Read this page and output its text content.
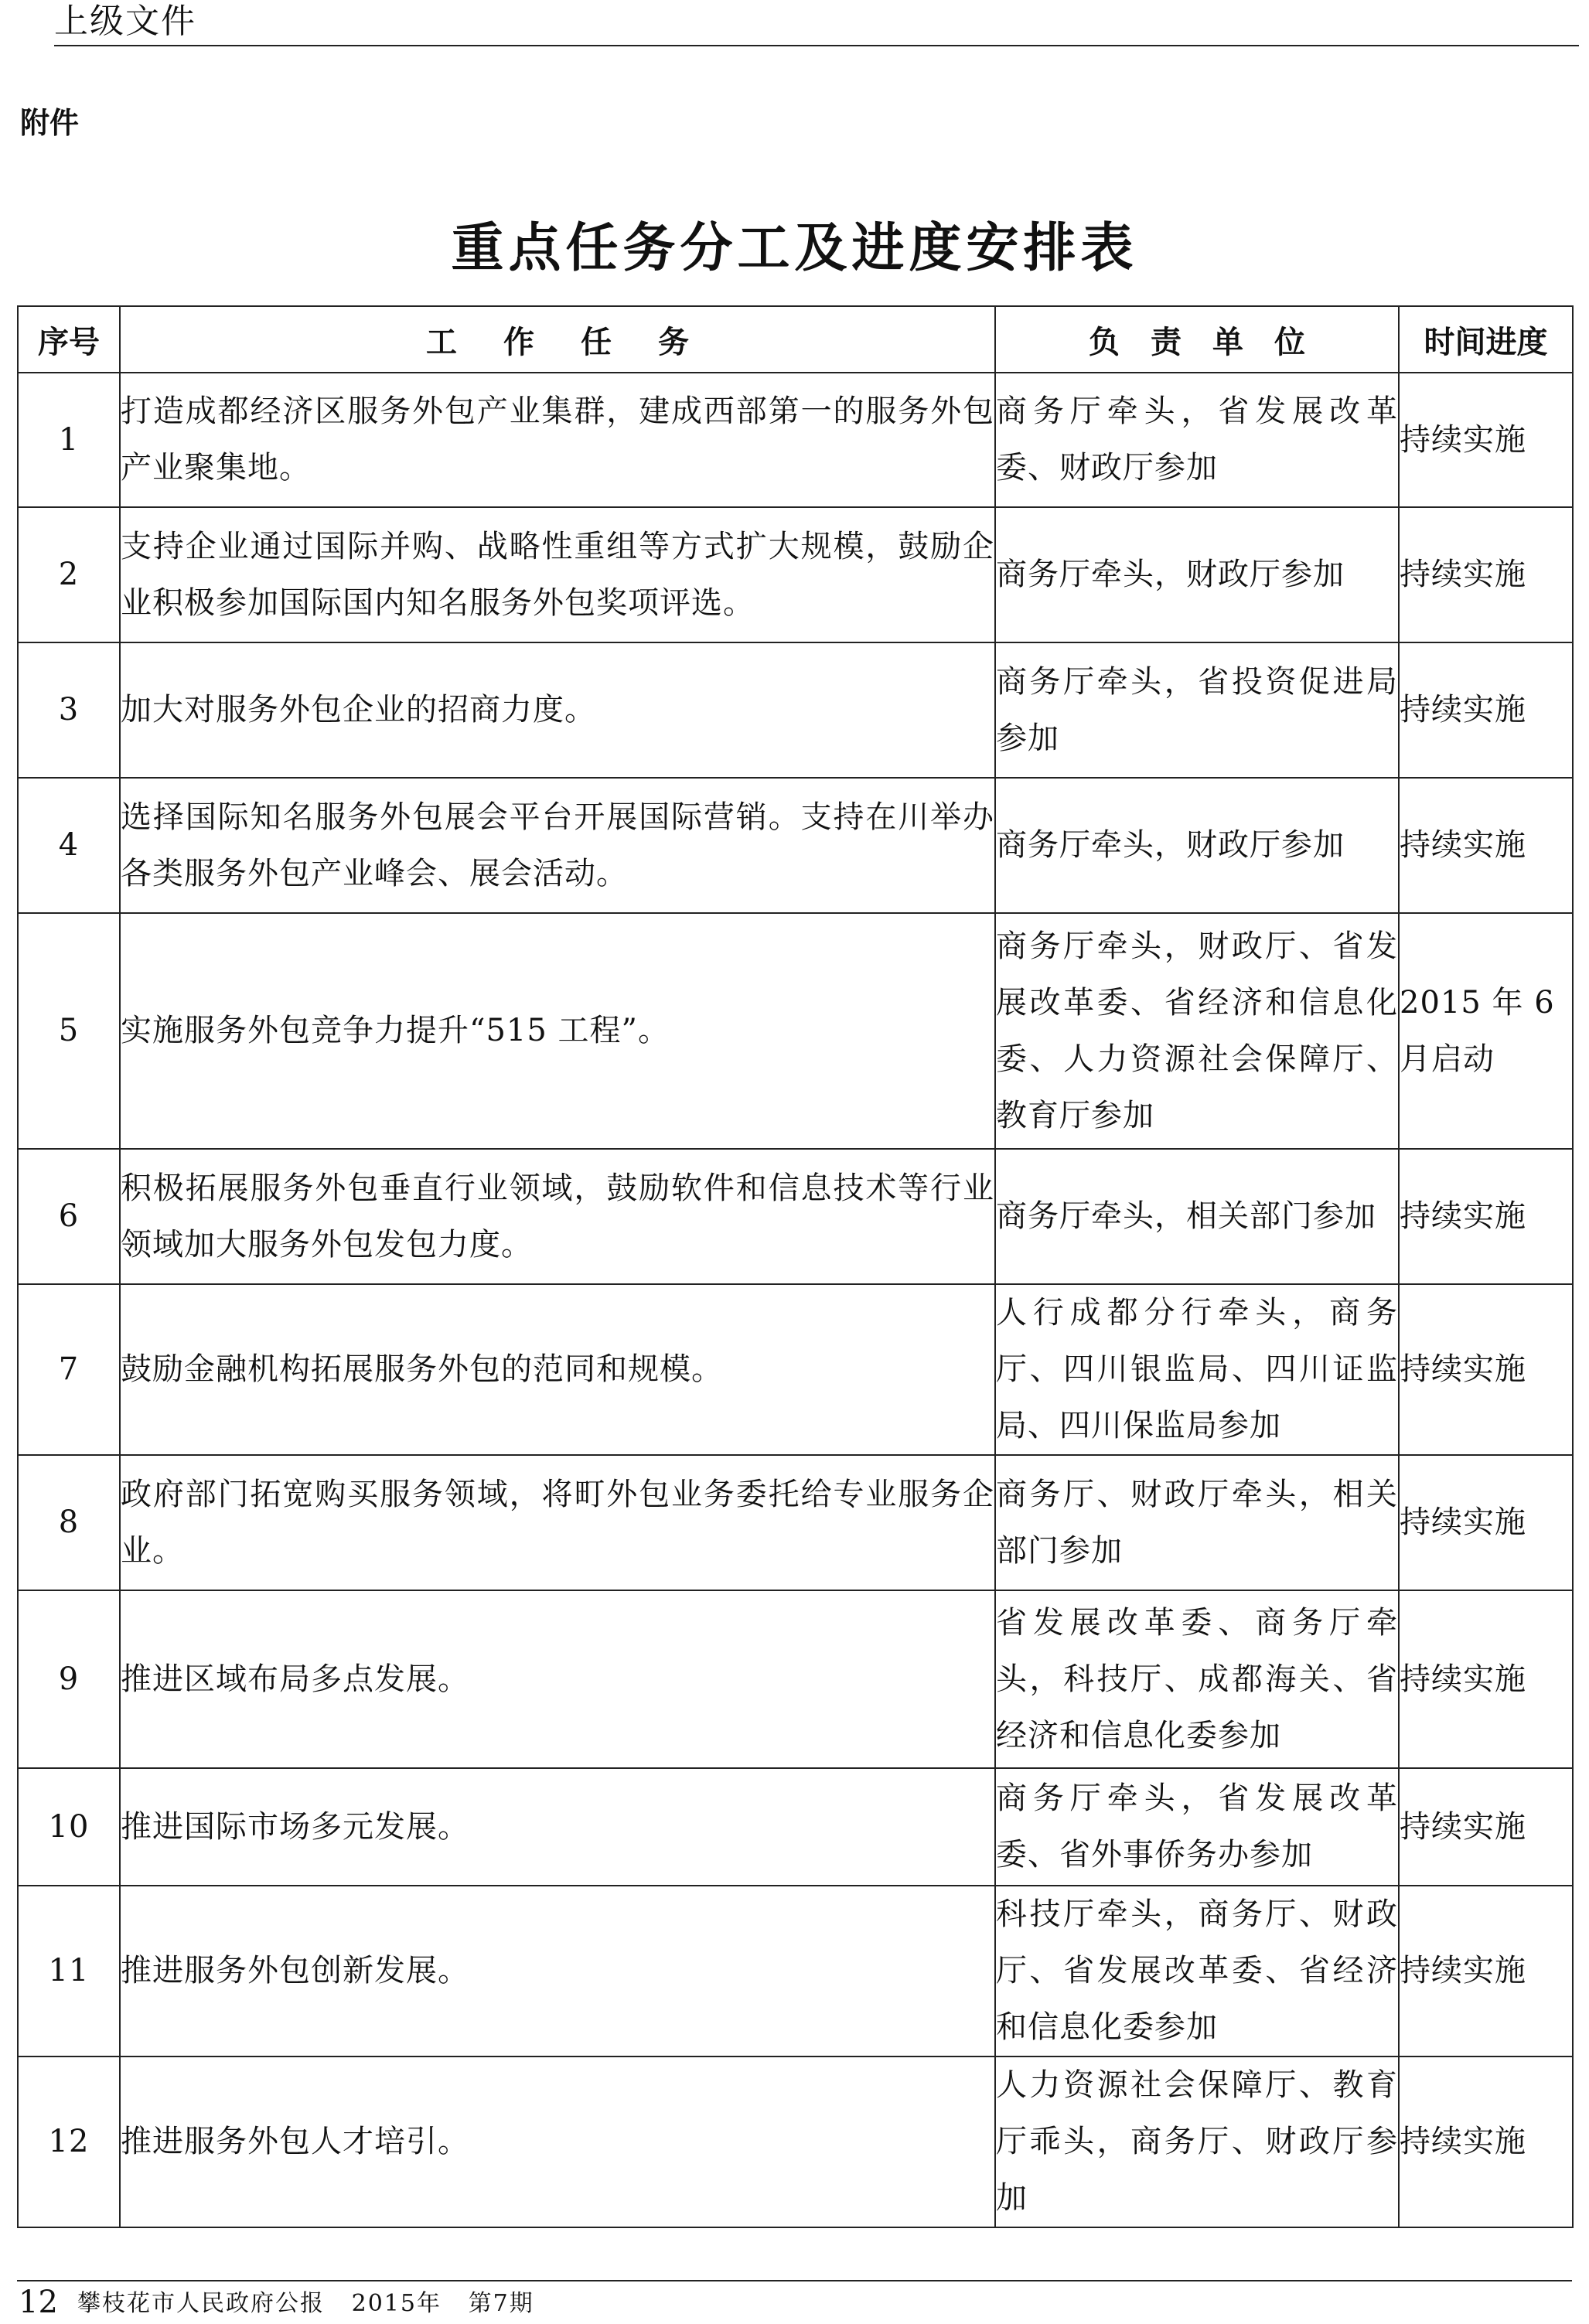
上级文件
附件
重点任务分工及进度安排表
序号	工作任务	负责单位	时间进度
1	打造成都经济区服务外包产业集群，建成西部第一的服务外包产业聚集地。	商务厅牵头，省发展改革委、财政厅参加	持续实施
2	支持企业通过国际并购、战略性重组等方式扩大规模，鼓励企业积极参加国际国内知名服务外包奖项评选。	商务厅牵头，财政厅参加	持续实施
3	加大对服务外包企业的招商力度。	商务厅牵头，省投资促进局参加	持续实施
4	选择国际知名服务外包展会平台开展国际营销。支持在川举办各类服务外包产业峰会、展会活动。	商务厅牵头，财政厅参加	持续实施
5	实施服务外包竞争力提升“515 工程”。	商务厅牵头，财政厅、省发展改革委、省经济和信息化委、人力资源社会保障厅、教育厅参加	2015 年 6 月启动
6	积极拓展服务外包垂直行业领域，鼓励软件和信息技术等行业领域加大服务外包发包力度。	商务厅牵头，相关部门参加	持续实施
7	鼓励金融机构拓展服务外包的范同和规模。	人行成都分行牵头，商务厅、四川银监局、四川证监局、四川保监局参加	持续实施
8	政府部门拓宽购买服务领域，将町外包业务委托给专业服务企业。	商务厅、财政厅牵头，相关部门参加	持续实施
9	推进区域布局多点发展。	省发展改革委、商务厅牵头，科技厅、成都海关、省经济和信息化委参加	持续实施
10	推进国际市场多元发展。	商务厅牵头，省发展改革委、省外事侨务办参加	持续实施
11	推进服务外包创新发展。	科技厅牵头，商务厅、财政厅、省发展改革委、省经济和信息化委参加	持续实施
12	推进服务外包人才培引。	人力资源社会保障厅、教育厅乖头，商务厅、财政厅参加	持续实施
12 攀枝花市人民政府公报 2015年 第7期
